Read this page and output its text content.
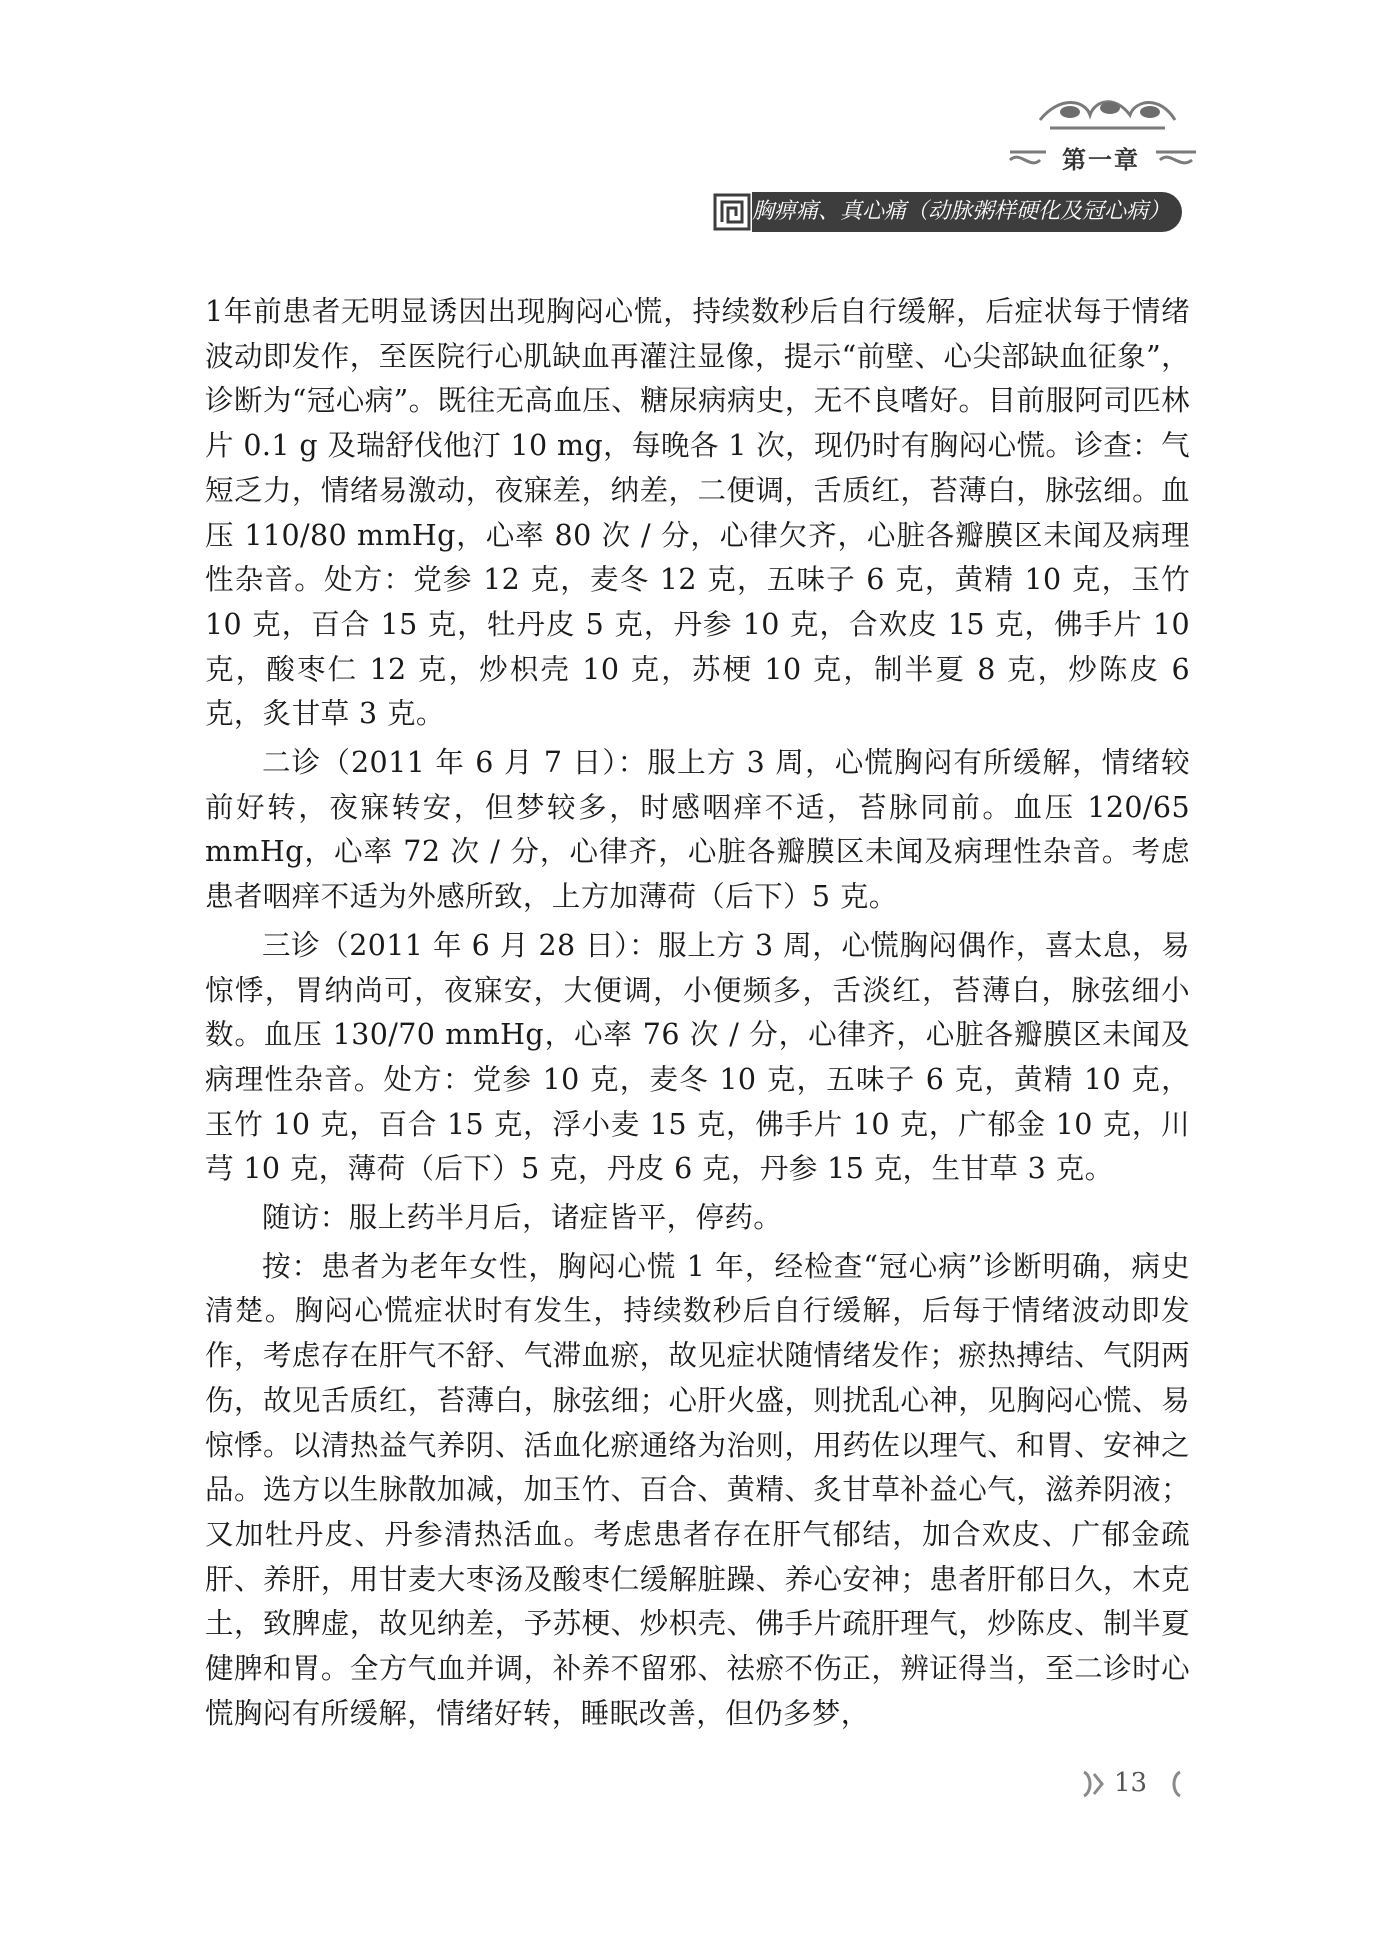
第一章
胸痹痛、真心痛（动脉粥样硬化及冠心病）

1年前患者无明显诱因出现胸闷心慌，持续数秒后自行缓解，后症状每于情绪波动即发作，至医院行心肌缺血再灌注显像，提示“前壁、心尖部缺血征象”，诊断为“冠心病”。既往无高血压、糖尿病病史，无不良嗜好。目前服阿司匹林片 0.1 g 及瑞舒伐他汀 10 mg，每晚各 1 次，现仍时有胸闷心慌。诊查：气短乏力，情绪易激动，夜寐差，纳差，二便调，舌质红，苔薄白，脉弦细。血压 110/80 mmHg，心率 80 次 / 分，心律欠齐，心脏各瓣膜区未闻及病理性杂音。处方：党参 12 克，麦冬 12 克，五味子 6 克，黄精 10 克，玉竹 10 克，百合 15 克，牡丹皮 5 克，丹参 10 克，合欢皮 15 克，佛手片 10 克，酸枣仁 12 克，炒枳壳 10 克，苏梗 10 克，制半夏 8 克，炒陈皮 6 克，炙甘草 3 克。

二诊（2011 年 6 月 7 日）：服上方 3 周，心慌胸闷有所缓解，情绪较前好转，夜寐转安，但梦较多，时感咽痒不适，苔脉同前。血压 120/65 mmHg，心率 72 次 / 分，心律齐，心脏各瓣膜区未闻及病理性杂音。考虑患者咽痒不适为外感所致，上方加薄荷（后下）5 克。

三诊（2011 年 6 月 28 日）：服上方 3 周，心慌胸闷偶作，喜太息，易惊悸，胃纳尚可，夜寐安，大便调，小便频多，舌淡红，苔薄白，脉弦细小数。血压 130/70 mmHg，心率 76 次 / 分，心律齐，心脏各瓣膜区未闻及病理性杂音。处方：党参 10 克，麦冬 10 克，五味子 6 克，黄精 10 克，玉竹 10 克，百合 15 克，浮小麦 15 克，佛手片 10 克，广郁金 10 克，川芎 10 克，薄荷（后下）5 克，丹皮 6 克，丹参 15 克，生甘草 3 克。

随访：服上药半月后，诸症皆平，停药。

按：患者为老年女性，胸闷心慌 1 年，经检查“冠心病”诊断明确，病史清楚。胸闷心慌症状时有发生，持续数秒后自行缓解，后每于情绪波动即发作，考虑存在肝气不舒、气滞血瘀，故见症状随情绪发作；瘀热搏结、气阴两伤，故见舌质红，苔薄白，脉弦细；心肝火盛，则扰乱心神，见胸闷心慌、易惊悸。以清热益气养阴、活血化瘀通络为治则，用药佐以理气、和胃、安神之品。选方以生脉散加减，加玉竹、百合、黄精、炙甘草补益心气，滋养阴液；又加牡丹皮、丹参清热活血。考虑患者存在肝气郁结，加合欢皮、广郁金疏肝、养肝，用甘麦大枣汤及酸枣仁缓解脏躁、养心安神；患者肝郁日久，木克土，致脾虚，故见纳差，予苏梗、炒枳壳、佛手片疏肝理气，炒陈皮、制半夏健脾和胃。全方气血并调，补养不留邪、祛瘀不伤正，辨证得当，至二诊时心慌胸闷有所缓解，情绪好转，睡眠改善，但仍多梦，

13
